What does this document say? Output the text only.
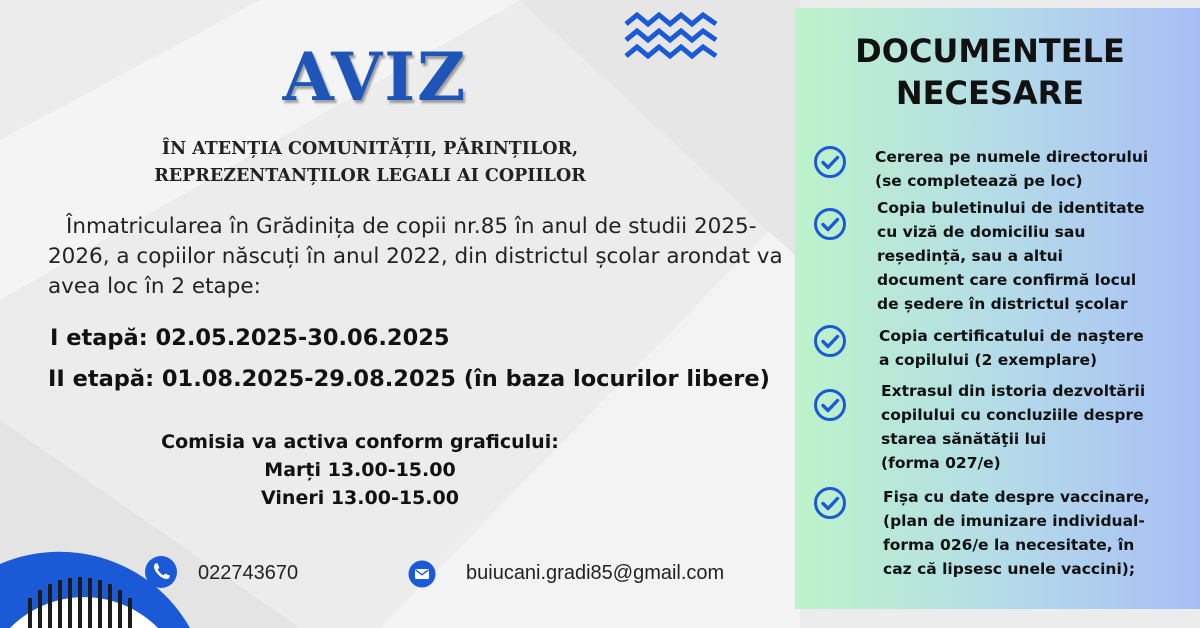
AVIZ
ÎN ATENȚIA COMUNITĂȚII, PĂRINȚILOR,
REPREZENTANȚILOR LEGALI AI COPIILOR
Înmatricularea în Grădinița de copii nr.85 în anul de studii 2025-2026, a copiilor născuți în anul 2022, din districtul școlar arondat va avea loc în 2 etape:
I etapă: 02.05.2025-30.06.2025
II etapă: 01.08.2025-29.08.2025 (în baza locurilor libere)
Comisia va activa conform graficului:
Marți 13.00-15.00
Vineri 13.00-15.00
022743670	buiucani.gradi85@gmail.com
DOCUMENTELE
NECESARE
Cererea pe numele directorului
(se completează pe loc)
Copia buletinului de identitate
cu viză de domiciliu sau
reședință, sau a altui
document care confirmă locul
de ședere în districtul școlar
Copia certificatului de naştere
a copilului (2 exemplare)
Extrasul din istoria dezvoltării
copilului cu concluziile despre
starea sănătăţii lui
(forma 027/e)
Fișa cu date despre vaccinare,
(plan de imunizare individual-
forma 026/e la necesitate, în
caz că lipsesc unele vaccini);
